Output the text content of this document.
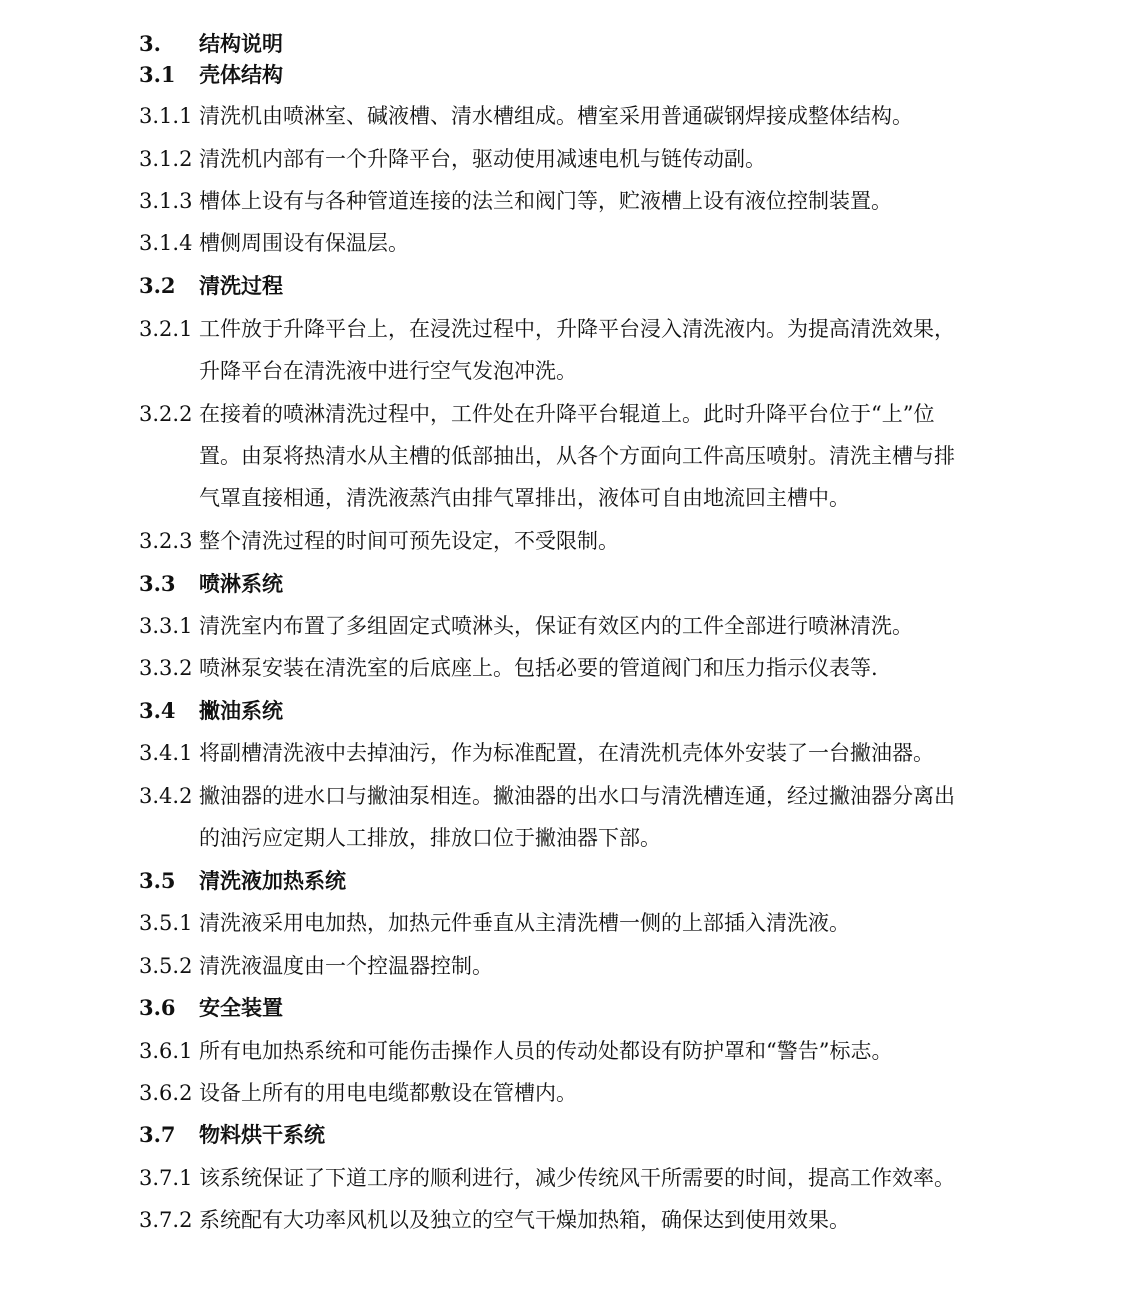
3. 结构说明
3.1 壳体结构
3.1.1 清洗机由喷淋室、碱液槽、清水槽组成。槽室采用普通碳钢焊接成整体结构。
3.1.2 清洗机内部有一个升降平台，驱动使用减速电机与链传动副。
3.1.3 槽体上设有与各种管道连接的法兰和阀门等，贮液槽上设有液位控制装置。
3.1.4 槽侧周围设有保温层。
3.2 清洗过程
3.2.1 工件放于升降平台上，在浸洗过程中，升降平台浸入清洗液内。为提高清洗效果，
升降平台在清洗液中进行空气发泡冲洗。
3.2.2 在接着的喷淋清洗过程中，工件处在升降平台辊道上。此时升降平台位于“上”位
置。由泵将热清水从主槽的低部抽出，从各个方面向工件高压喷射。清洗主槽与排
气罩直接相通，清洗液蒸汽由排气罩排出，液体可自由地流回主槽中。
3.2.3 整个清洗过程的时间可预先设定，不受限制。
3.3 喷淋系统
3.3.1 清洗室内布置了多组固定式喷淋头，保证有效区内的工件全部进行喷淋清洗。
3.3.2 喷淋泵安装在清洗室的后底座上。包括必要的管道阀门和压力指示仪表等.
3.4 撇油系统
3.4.1 将副槽清洗液中去掉油污，作为标准配置，在清洗机壳体外安装了一台撇油器。
3.4.2 撇油器的进水口与撇油泵相连。撇油器的出水口与清洗槽连通，经过撇油器分离出
的油污应定期人工排放，排放口位于撇油器下部。
3.5 清洗液加热系统
3.5.1 清洗液采用电加热，加热元件垂直从主清洗槽一侧的上部插入清洗液。
3.5.2 清洗液温度由一个控温器控制。
3.6 安全装置
3.6.1 所有电加热系统和可能伤击操作人员的传动处都设有防护罩和“警告”标志。
3.6.2 设备上所有的用电电缆都敷设在管槽内。
3.7 物料烘干系统
3.7.1 该系统保证了下道工序的顺利进行，减少传统风干所需要的时间，提高工作效率。
3.7.2 系统配有大功率风机以及独立的空气干燥加热箱，确保达到使用效果。
